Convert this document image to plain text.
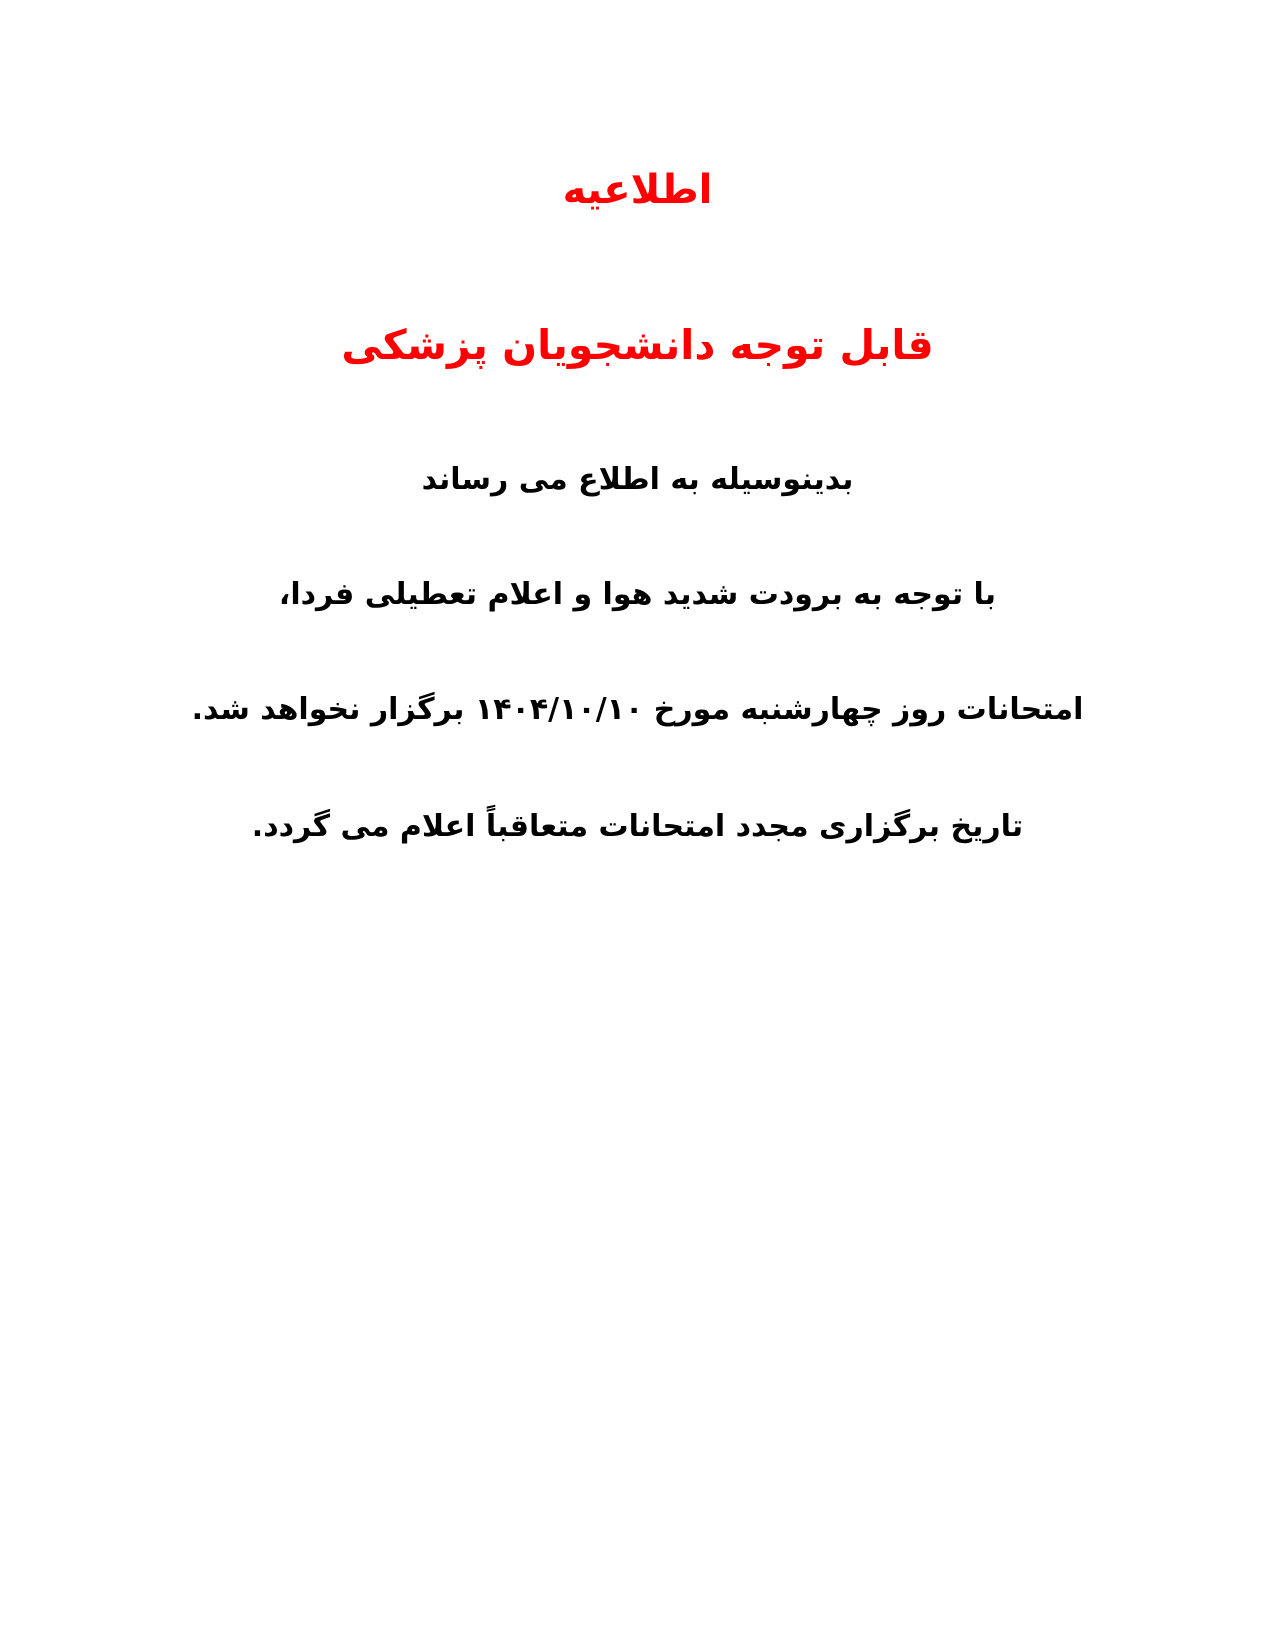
اطلاعیه
قابل توجه دانشجویان پزشکی

بدینوسیله به اطلاع می رساند

با توجه به برودت شدید هوا و اعلام تعطیلی فردا،

امتحانات روز چهارشنبه مورخ ۱۴۰۴/۱۰/۱۰ برگزار نخواهد شد.

تاریخ برگزاری مجدد امتحانات متعاقباً اعلام می گردد.
